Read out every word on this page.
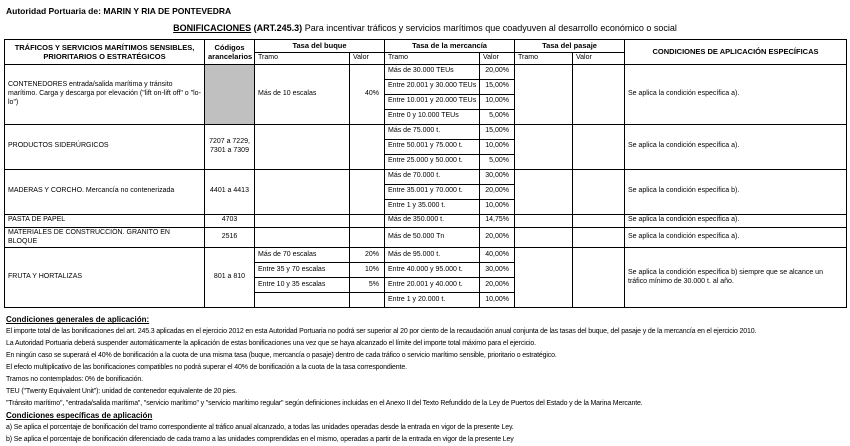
Autoridad Portuaria de: MARIN Y RIA DE PONTEVEDRA
BONIFICACIONES (ART.245.3) Para incentivar tráficos y servicios marítimos que coadyuven al desarrollo económico o social
TRÁFICOS Y SERVICIOS MARÍTIMOS SENSIBLES, PRIORITARIOS O ESTRATÉGICOS	Códigos arancelarios	Tasa del buque		Tasa de la mercancía		Tasa del pasaje		CONDICIONES DE APLICACIÓN ESPECÍFICAS
		Tramo	Valor	Tramo	Valor	Tramo	Valor	
CONTENEDORES entrada/salida marítima y tránsito marítimo. Carga y descarga por elevación ("lift on-lift off" o "lo-lo")		Más de 10 escalas	40%	Más de 30.000 TEUs	20,00%			Se aplica la condición específica a).
				Entre 20.001 y 30.000 TEUs	15,00%			
				Entre 10.001 y 20.000 TEUs	10,00%			
				Entre 0 y 10.000 TEUs	5,00%			
PRODUCTOS SIDERÚRGICOS	7207 a 7229, 7301 a 7309			Más de 75.000 t.	15,00%			Se aplica la condición específica a).
				Entre 50.001 y 75.000 t.	10,00%			
				Entre 25.000 y 50.000 t.	5,00%			
MADERAS Y CORCHO. Mercancía no contenerizada	4401 a 4413			Más de 70.000 t.	30,00%			Se aplica la condición específica b).
				Entre 35.001 y 70.000 t.	20,00%			
				Entre 1 y 35.000 t.	10,00%			
PASTA DE PAPEL	4703			Más de 350.000 t.	14,75%			Se aplica la condición específica a).
MATERIALES DE CONSTRUCCIÓN. GRANITO EN BLOQUE	2516			Más de 50.000 Tn	20,00%			Se aplica la condición específica a).
FRUTA Y HORTALIZAS	801 a 810	Más de 70 escalas	20%	Más de 95.000 t.	40,00%			Se aplica la condición específica b) siempre que se alcance un tráfico mínimo de 30.000 t. al año.
		Entre 35 y 70 escalas	10%	Entre 40.000 y 95.000 t.	30,00%			
		Entre 10 y 35 escalas	5%	Entre 20.001 y 40.000 t.	20,00%			
				Entre 1 y 20.000 t.	10,00%			
Condiciones generales de aplicación:
El importe total de las bonificaciones del art. 245.3 aplicadas en el ejercicio 2012 en esta Autoridad Portuaria no podrá ser superior al 20 por ciento de la recaudación anual conjunta de las tasas del buque, del pasaje y de la mercancía en el ejercicio 2010.
La Autoridad Portuaria deberá suspender automáticamente la aplicación de estas bonificaciones una vez que se haya alcanzado el límite del importe total máximo para el ejercicio.
En ningún caso se superará el 40% de bonificación a la cuota de una misma tasa (buque, mercancía o pasaje) dentro de cada tráfico o servicio marítimo sensible, prioritario o estratégico.
El efecto multiplicativo de las bonificaciones compatibles no podrá superar el 40% de bonificación a la cuota de la tasa correspondiente.
Tramos no contemplados: 0% de bonificación.
TEU ("Twenty Equivalent Unit"): unidad de contenedor equivalente de 20 pies.
"Tránsito marítimo", "entrada/salida marítima", "servicio marítimo" y "servicio marítimo regular" según definiciones incluidas en el Anexo II del Texto Refundido de la Ley de Puertos del Estado y de la Marina Mercante.
Condiciones específicas de aplicación
a) Se aplica el porcentaje de bonificación del tramo correspondiente al tráfico anual alcanzado, a todas las unidades operadas desde la entrada en vigor de la presente Ley.
b) Se aplica el porcentaje de bonificación diferenciado de cada tramo a las unidades comprendidas en el mismo, operadas a partir de la entrada en vigor de la presente Ley
